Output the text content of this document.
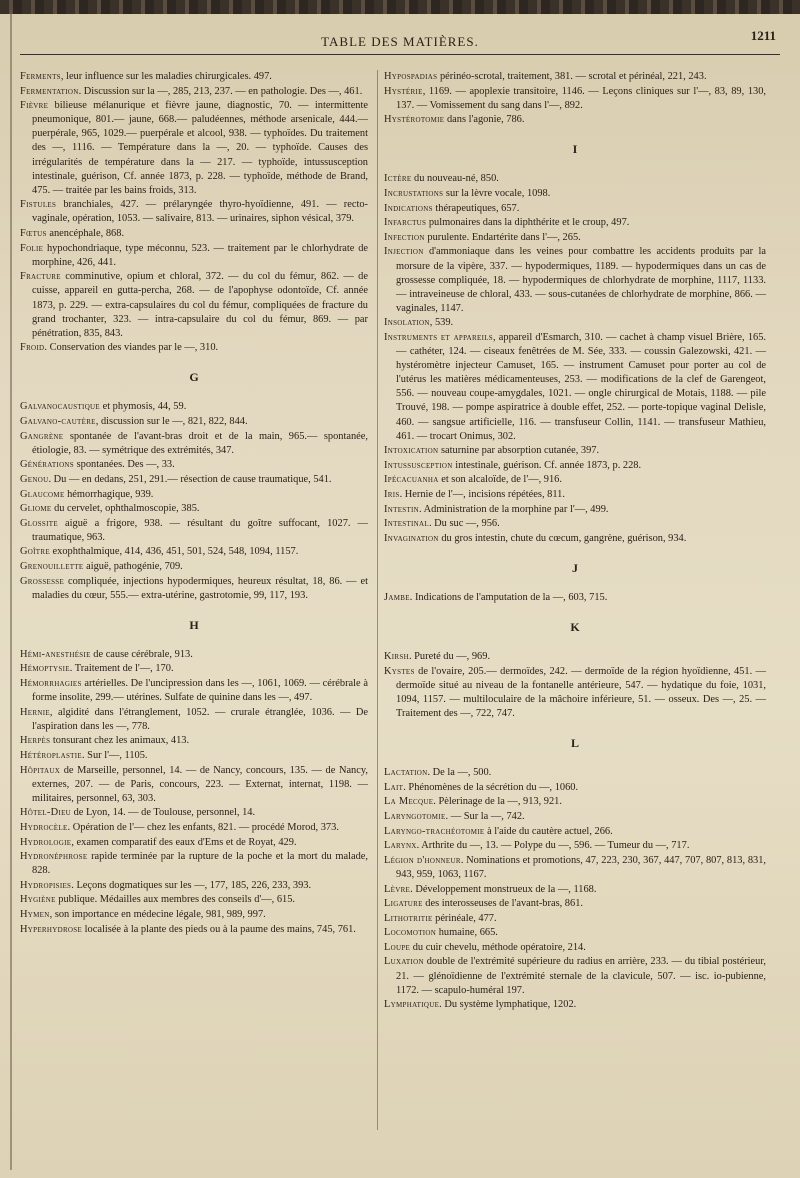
TABLE DES MATIÈRES.	1211
Ferments, leur influence sur les maladies chirurgicales. 497.
Fermentation. Discussion sur la —, 285, 213, 237. — en pathologie. Des —, 461.
Fièvre bilieuse mélanurique et fièvre jaune, diagnostic, 70. — intermittente pneumonique, 801.— jaune, 668.— paludéennes, méthode arsenicale, 444.—puerpérale, 965, 1029.— puerpérale et alcool, 938. — typhoïdes. Du traitement des —, 1116. — Température dans la —, 20. — typhoïde. Causes des irrégularités de température dans la — 217. — typhoïde, intussusception intestinale, guérison, Cf. année 1873, p. 228. — typhoïde, méthode de Brand, 475. — traitée par les bains froids, 313.
Fistules branchiales, 427. — prélaryngée thyro-hyoïdienne, 491. — recto-vaginale, opération, 1053. — salivaire, 813. — urinaires, siphon vésical, 379.
Fœtus anencéphale, 868.
Folie hypochondriaque, type méconnu, 523. — traitement par le chlorhydrate de morphine, 426, 441.
Fracture comminutive, opium et chloral, 372. — du col du fémur, 862. — de cuisse, appareil en gutta-percha, 268. — de l'apophyse odontoïde, Cf. année 1873, p. 229. — extra-capsulaires du col du fémur, compliquées de fracture du grand trochanter, 323. — intra-capsulaire du col du fémur, 869. — par pénétration, 835, 843.
Froid. Conservation des viandes par le —, 310.
G
Galvanocaustique et phymosis, 44, 59.
Galvano-cautère, discussion sur le —, 821, 822, 844.
Gangrène spontanée de l'avant-bras droit et de la main, 965.— spontanée, étiologie, 83. — symétrique des extrémités, 347.
Générations spontanées. Des —, 33.
Genou. Du — en dedans, 251, 291.— résection de cause traumatique, 541.
Glaucome hémorrhagique, 939.
Gliome du cervelet, ophthalmoscopie, 385.
Glossite aiguë a frigore, 938. — résultant du goître suffocant, 1027. — traumatique, 963.
Goître exophthalmique, 414, 436, 451, 501, 524, 548, 1094, 1157.
Grenouillette aiguë, pathogénie, 709.
Grossesse compliquée, injections hypodermiques, heureux résultat, 18, 86. — et maladies du cœur, 555.— extra-utérine, gastrotomie, 99, 117, 193.
H
Hémi-anesthésie de cause cérébrale, 913.
Hémoptysie. Traitement de l'—, 170.
Hémorrhagies artérielles. De l'uncipression dans les —, 1061, 1069. — cérébrale à forme insolite, 299.— utérines. Sulfate de quinine dans les —, 497.
Hernie, algidité dans l'étranglement, 1052. — crurale étranglée, 1036. — De l'aspiration dans les —, 778.
Herpès tonsurant chez les animaux, 413.
Hétéroplastie. Sur l'—, 1105.
Hôpitaux de Marseille, personnel, 14. — de Nancy, concours, 135. — de Nancy, externes, 207. — de Paris, concours, 223. — Externat, internat, 1198. — militaires, personnel, 63, 303.
Hôtel-Dieu de Lyon, 14. — de Toulouse, personnel, 14.
Hydrocèle. Opération de l'— chez les enfants, 821. — procédé Morod, 373.
Hydrologie, examen comparatif des eaux d'Ems et de Royat, 429.
Hydronéphrose rapide terminée par la rupture de la poche et la mort du malade, 828.
Hydropisies. Leçons dogmatiques sur les —, 177, 185, 226, 233, 393.
Hygiène publique. Médailles aux membres des conseils d'—, 615.
Hymen, son importance en médecine légale, 981, 989, 997.
Hyperhydrose localisée à la plante des pieds ou à la paume des mains, 745, 761.
Hypospadias périnéo-scrotal, traitement, 381. — scrotal et périnéal, 221, 243.
Hystérie, 1169. — apoplexie transitoire, 1146. — Leçons cliniques sur l'—, 83, 89, 130, 137. — Vomissement du sang dans l'—, 892.
Hystérotomie dans l'agonie, 786.
I
Ictère du nouveau-né, 850.
Incrustations sur la lèvre vocale, 1098.
Indications thérapeutiques, 657.
Infarctus pulmonaires dans la diphthérite et le croup, 497.
Infection purulente. Endartérite dans l'—, 265.
Injection d'ammoniaque dans les veines pour combattre les accidents produits par la morsure de la vipère, 337. — hypodermiques, 1189. — hypodermiques dans un cas de grossesse compliquée, 18. — hypodermiques de chlorhydrate de morphine, 1117, 1133. — intraveineuse de chloral, 433. — sous-cutanées de chlorhydrate de morphine, 866. — vaginales, 1147.
Insolation, 539.
Instruments et appareils, appareil d'Esmarch, 310. — cachet à champ visuel Brière, 165. — cathéter, 124. — ciseaux fenêtrées de M. Sée, 333. — coussin Galezowski, 421. — hystéromètre injecteur Camuset, 165. — instrument Camuset pour porter au col de l'utérus les matières médicamenteuses, 253. — modifications de la clef de Garengeot, 556. — nouveau coupe-amygdales, 1021. — ongle chirurgical de Motais, 1188. — pile Trouvé, 198. — pompe aspiratrice à double effet, 252. — porte-topique vaginal Delisle, 460. — sangsue artificielle, 116. — transfuseur Collin, 1141. — transfuseur Mathieu, 461. — trocart Onimus, 302.
Intoxication saturnine par absorption cutanée, 397.
Intussusception intestinale, guérison. Cf. année 1873, p. 228.
Ipécacuanha et son alcaloïde, de l'—, 916.
Iris. Hernie de l'—, incisions répétées, 811.
Intestin. Administration de la morphine par l'—, 499.
Intestinal. Du suc —, 956.
Invagination du gros intestin, chute du cœcum, gangrène, guérison, 934.
J
Jambe. Indications de l'amputation de la —, 603, 715.
K
Kirsh. Pureté du —, 969.
Kystes de l'ovaire, 205.— dermoïdes, 242. — dermoïde de la région hyoïdienne, 451. — dermoïde situé au niveau de la fontanelle antérieure, 547. — hydatique du foie, 1031, 1094, 1157. — multiloculaire de la mâchoire inférieure, 51. — osseux. Des —, 25. — Traitement des —, 722, 747.
L
Lactation. De la —, 500.
Lait. Phénomènes de la sécrétion du —, 1060.
La Mecque. Pèlerinage de la —, 913, 921.
Laryngotomie. — Sur la —, 742.
Laryngo-trachéotomie à l'aide du cautère actuel, 266.
Larynx. Arthrite du —, 13. — Polype du —, 596. — Tumeur du —, 717.
Légion d'honneur. Nominations et promotions, 47, 223, 230, 367, 447, 707, 807, 813, 831, 943, 959, 1063, 1167.
Lèvre. Développement monstrueux de la —, 1168.
Ligature des interosseuses de l'avant-bras, 861.
Lithotritie périnéale, 477.
Locomotion humaine, 665.
Loupe du cuir chevelu, méthode opératoire, 214.
Luxation double de l'extrémité supérieure du radius en arrière, 233. — du tibial postérieur, 21. — glénoïdienne de l'extrémité sternale de la clavicule, 507. — isc. io-pubienne, 1172. — scapulo-huméral 197.
Lymphatique. Du système lymphatique, 1202.
